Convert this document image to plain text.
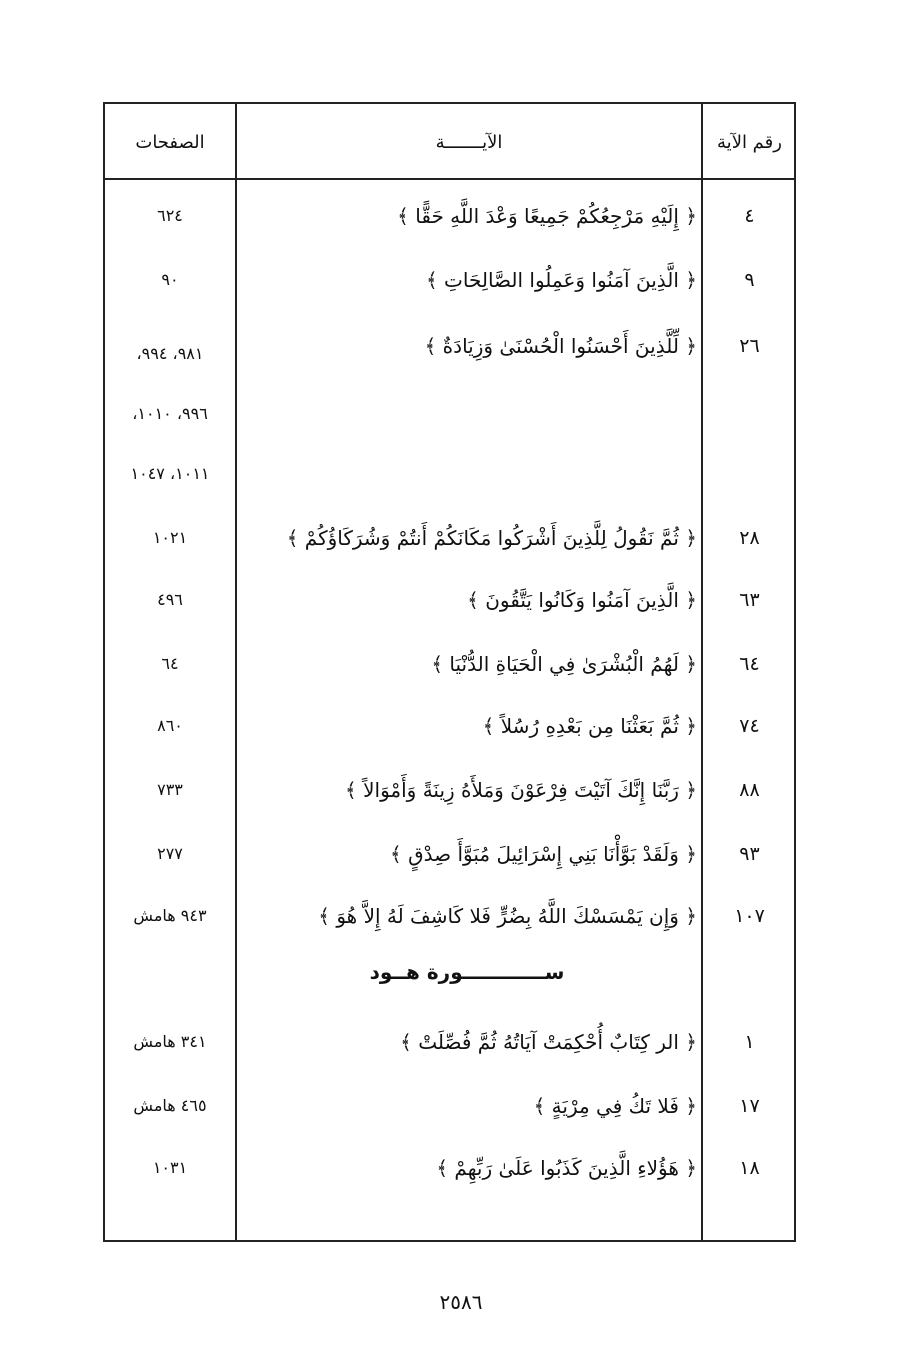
رقم الآية
الآيـــــــة
الصفحات
٤
﴿ إِلَيْهِ مَرْجِعُكُمْ جَمِيعًا وَعْدَ اللَّهِ حَقًّا ﴾
٦٢٤
٩
﴿ الَّذِينَ آمَنُوا وَعَمِلُوا الصَّالِحَاتِ ﴾
٩٠
٢٦
﴿ لِّلَّذِينَ أَحْسَنُوا الْحُسْنَىٰ وَزِيَادَةٌ ﴾
٩٨١، ٩٩٤،
٩٩٦، ١٠١٠،
١٠١١، ١٠٤٧
٢٨
﴿ ثُمَّ نَقُولُ لِلَّذِينَ أَشْرَكُوا مَكَانَكُمْ أَنتُمْ وَشُرَكَاؤُكُمْ ﴾
١٠٢١
٦٣
﴿ الَّذِينَ آمَنُوا وَكَانُوا يَتَّقُونَ ﴾
٤٩٦
٦٤
﴿ لَهُمُ الْبُشْرَىٰ فِي الْحَيَاةِ الدُّنْيَا ﴾
٦٤
٧٤
﴿ ثُمَّ بَعَثْنَا مِن بَعْدِهِ رُسُلاً ﴾
٨٦٠
٨٨
﴿ رَبَّنَا إِنَّكَ آتَيْتَ فِرْعَوْنَ وَمَلأَهُ زِينَةً وَأَمْوَالاً ﴾
٧٣٣
٩٣
﴿ وَلَقَدْ بَوَّأْنَا بَنِي إِسْرَائِيلَ مُبَوَّأَ صِدْقٍ ﴾
٢٧٧
١٠٧
﴿ وَإِن يَمْسَسْكَ اللَّهُ بِضُرٍّ فَلا كَاشِفَ لَهُ إِلاَّ هُوَ ﴾
٩٤٣ هامش
ســــــــــــورة هــود
١
﴿ الر كِتَابٌ أُحْكِمَتْ آيَاتُهُ ثُمَّ فُصِّلَتْ ﴾
٣٤١ هامش
١٧
﴿ فَلا تَكُ فِي مِرْيَةٍ ﴾
٤٦٥ هامش
١٨
﴿ هَؤُلاءِ الَّذِينَ كَذَبُوا عَلَىٰ رَبِّهِمْ ﴾
١٠٣١
٢٥٨٦
